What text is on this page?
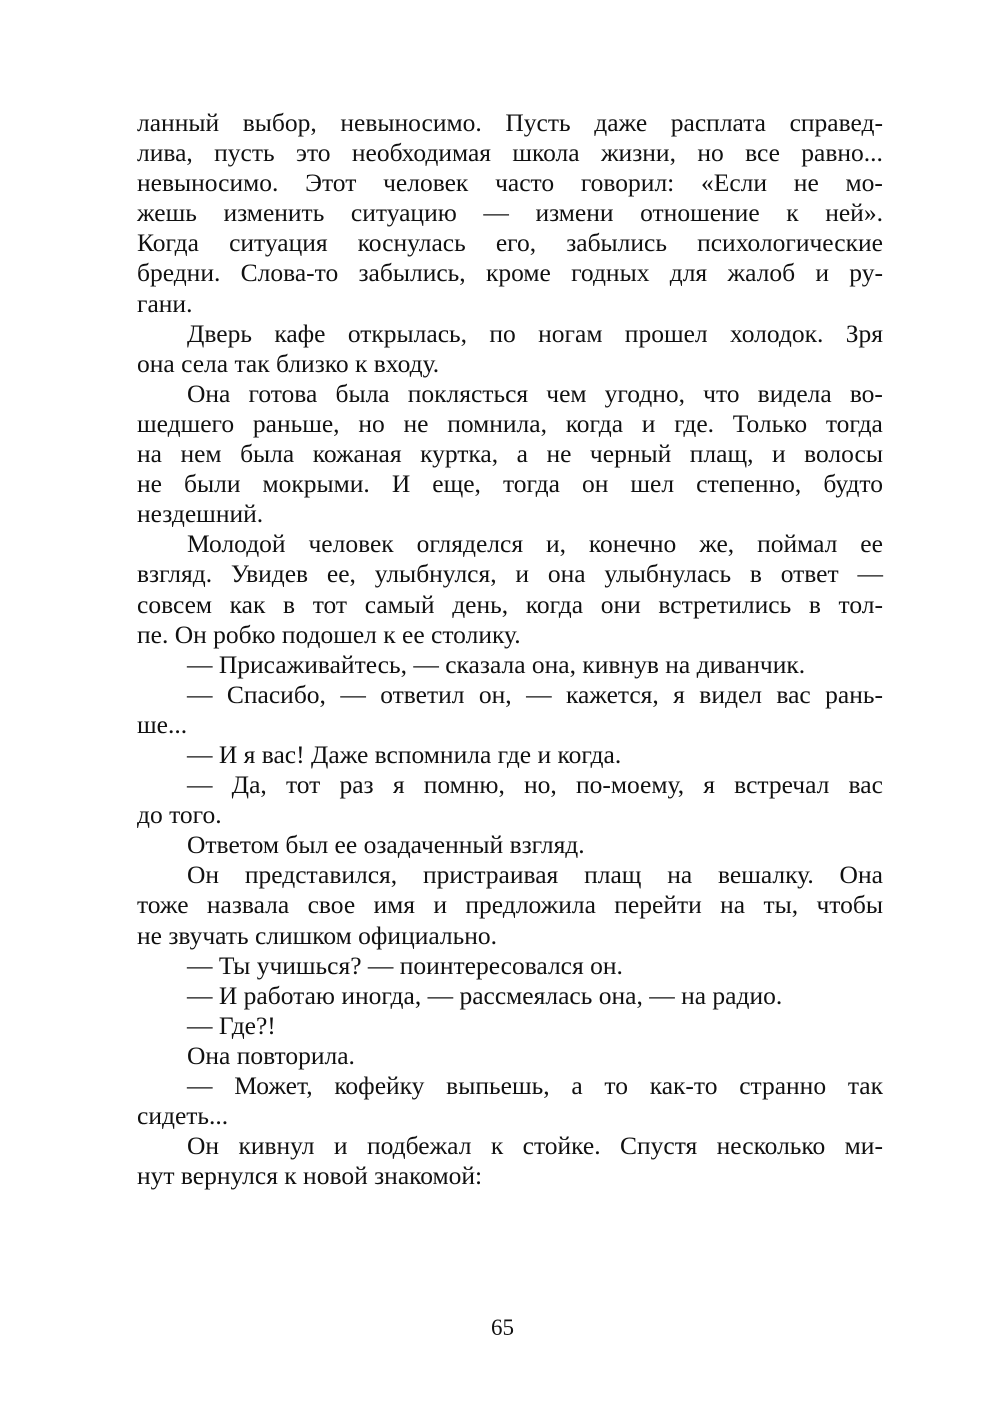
ланный выбор, невыносимо. Пусть даже расплата справед-
лива, пусть это необходимая школа жизни, но все равно...
невыносимо. Этот человек часто говорил: «Если не мо-
жешь изменить ситуацию — измени отношение к ней».
Когда ситуация коснулась его, забылись психологические
бредни. Слова-то забылись, кроме годных для жалоб и ру-
гани.

Дверь кафе открылась, по ногам прошел холодок. Зря
она села так близко к входу.

Она готова была поклясться чем угодно, что видела во-
шедшего раньше, но не помнила, когда и где. Только тогда
на нем была кожаная куртка, а не черный плащ, и волосы
не были мокрыми. И еще, тогда он шел степенно, будто
нездешний.

Молодой человек огляделся и, конечно же, поймал ее
взгляд. Увидев ее, улыбнулся, и она улыбнулась в ответ —
совсем как в тот самый день, когда они встретились в тол-
пе. Он робко подошел к ее столику.

— Присаживайтесь, — сказала она, кивнув на диванчик.

— Спасибо, — ответил он, — кажется, я видел вас рань-
ше...

— И я вас! Даже вспомнила где и когда.

— Да, тот раз я помню, но, по-моему, я встречал вас
до того.

Ответом был ее озадаченный взгляд.

Он представился, пристраивая плащ на вешалку. Она
тоже назвала свое имя и предложила перейти на ты, чтобы
не звучать слишком официально.

— Ты учишься? — поинтересовался он.

— И работаю иногда, — рассмеялась она, — на радио.

— Где?!

Она повторила.

— Может, кофейку выпьешь, а то как-то странно так
сидеть...

Он кивнул и подбежал к стойке. Спустя несколько ми-
нут вернулся к новой знакомой:

65
